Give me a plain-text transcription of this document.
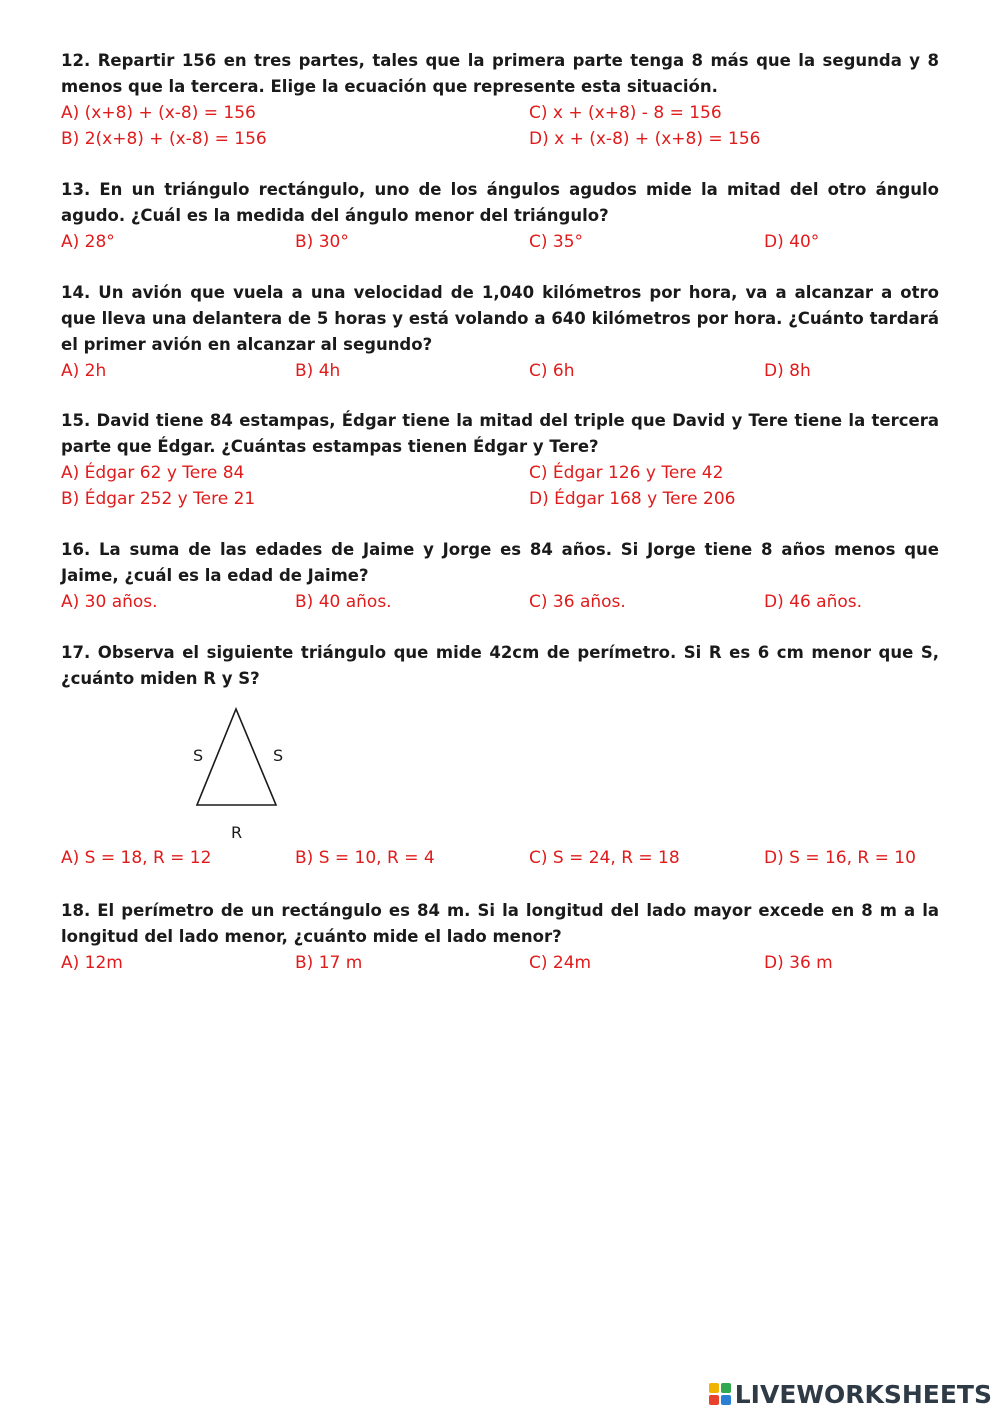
12. Repartir 156 en tres partes, tales que la primera parte tenga 8 más que la segunda y 8 menos que la tercera. Elige la ecuación que represente esta situación.

A) (x+8) + (x-8) = 156	C) x + (x+8) - 8 = 156
B) 2(x+8) + (x-8) = 156	D) x + (x-8) + (x+8) = 156

13. En un triángulo rectángulo, uno de los ángulos agudos mide la mitad del otro ángulo agudo. ¿Cuál es la medida del ángulo menor del triángulo?

A) 28°	B) 30°	C) 35°	D) 40°

14. Un avión que vuela a una velocidad de 1,040 kilómetros por hora, va a alcanzar a otro que lleva una delantera de 5 horas y está volando a 640 kilómetros por hora. ¿Cuánto tardará el primer avión en alcanzar al segundo?

A) 2h	B) 4h	C) 6h	D) 8h

15. David tiene 84 estampas, Édgar tiene la mitad del triple que David y Tere tiene la tercera parte que Édgar. ¿Cuántas estampas tienen Édgar y Tere?

A) Édgar 62 y Tere 84	C) Édgar 126 y Tere 42
B) Édgar 252 y Tere 21	D) Édgar 168 y Tere 206

16. La suma de las edades de Jaime y Jorge es 84 años. Si Jorge tiene 8 años menos que Jaime, ¿cuál es la edad de Jaime?

A) 30 años.	B) 40 años.	C) 36 años.	D) 46 años.

17. Observa el siguiente triángulo que mide 42cm de perímetro. Si R es 6 cm menor que S, ¿cuánto miden R y S?

S	S
R
A) S = 18, R = 12	B) S = 10, R = 4	C) S = 24, R = 18	D) S = 16, R = 10

18. El perímetro de un rectángulo es 84 m. Si la longitud del lado mayor excede en 8 m a la longitud del lado menor, ¿cuánto mide el lado menor?

A) 12m	B) 17 m	C) 24m	D) 36 m
LIVEWORKSHEETS
